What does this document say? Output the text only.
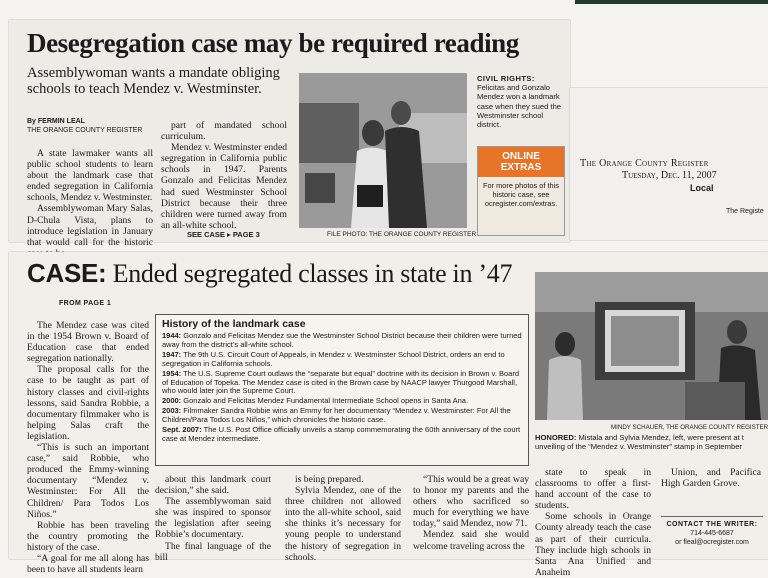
Desegregation case may be required reading
Assemblywoman wants a mandate obliging
schools to teach Mendez v. Westminster.
By FERMIN LEAL
THE ORANGE COUNTY REGISTER

A state lawmaker wants all public school students to learn about the landmark case that ended segregation in California schools, Mendez v. Westminster.

Assemblywoman Mary Salas, D-Chula Vista, plans to introduce legislation in January that would call for the historic

part of mandated school curriculum.

Mendez v. Westminster ended segregation in California public schools in 1947. Parents Gonzalo and Felicitas Mendez had sued Westminster School District because their three children were turned away from an all-white school.

SEE CASE ▸ PAGE 3	FILE PHOTO: THE ORANGE COUNTY REGISTER
CIVIL RIGHTS:
Felicitas and Gonzalo Mendez won a landmark case when they sued the Westminster school district.
ONLINE
EXTRAS
For more photos of this historic case, see ocregister.com/extras.
The Orange County Register
Tuesday, Dec. 11, 2007
Local
The Registe
CASE: Ended segregated classes in state in ’47
FROM PAGE 1

The Mendez case was cited in the 1954 Brown v. Board of Education case that ended segregation nationally.

The proposal calls for the case to be taught as part of history classes and civil-rights lessons, said Sandra Robbie, a documentary filmmaker who is helping Salas craft the legislation.

“This is such an important case,” said Robbie, who produced the Emmy-winning documentary “Mendez v. Westminster: For All the Children/ Para Todos Los Niños.”

Robbie has been traveling the country promoting the history of the case.

“A goal for me all along has been to have all students learn

History of the landmark case
1944: Gonzalo and Felicitas Mendez sue the Westminster School District because their children were turned away from the district’s all-white school.
1947: The 9th U.S. Circuit Court of Appeals, in Mendez v. Westminster School District, orders an end to segregation in California schools.
1954: The U.S. Supreme Court outlaws the “separate but equal” doctrine with its decision in Brown v. Board of Education of Topeka. The Mendez case is cited in the Brown case by NAACP lawyer Thurgood Marshall, who would later join the Supreme Court.
2000: Gonzalo and Felicitas Mendez Fundamental Intermediate School opens in Santa Ana.
2003: Filmmaker Sandra Robbie wins an Emmy for her documentary “Mendez v. Westminster: For All the Children/Para Todos Los Niños,” which chronicles the historic case.
Sept. 2007: The U.S. Post Office officially unveils a stamp commemorating the 60th anniversary of the court case at Mendez intermediate.

about this landmark court decision,” she said.

The assemblywoman said she was inspired to sponsor the legislation after seeing Robbie’s documentary.

The final language of the bill

is being prepared.

Sylvia Mendez, one of the three children not allowed into the all-white school, said she thinks it’s necessary for young people to understand the history of segregation in schools.

“This would be a great way to honor my parents and the others who sacrificed so much for everything we have today,” said Mendez, now 71.

Mendez said she would welcome traveling across the

MINDY SCHAUER, THE ORANGE COUNTY REGISTER
HONORED: Mistala and Sylvia Mendez, left, were present at t
unveiling of the “Mendez v. Westminster” stamp in September

state to speak in classrooms to offer a first-hand account of the case to students.

Some schools in Orange County already teach the case as part of their curricula. They include high schools in Santa Ana Unified and Anaheim

Union, and Pacifica High Garden Grove.

CONTACT THE WRITER:
714-445-6687
or fleal@ocregister.com
